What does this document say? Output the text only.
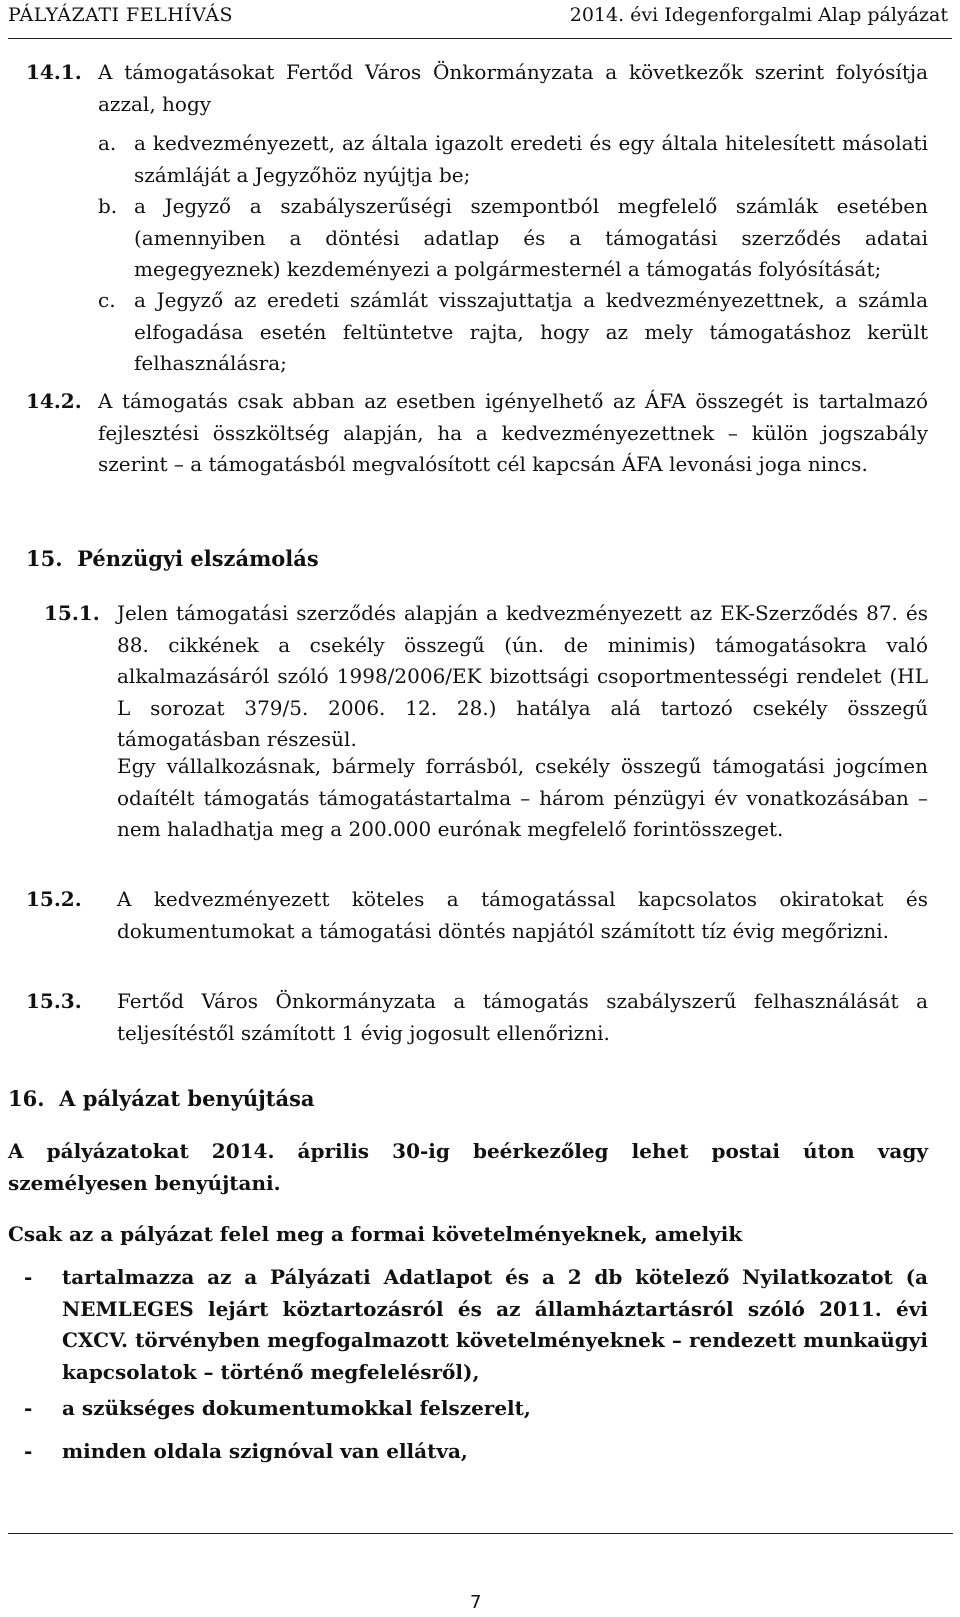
PÁLYÁZATI FELHÍVÁS	2014. évi Idegenforgalmi Alap pályázat
14.1. A támogatásokat Fertőd Város Önkormányzata a következők szerint folyósítja azzal, hogy
a. a kedvezményezett, az általa igazolt eredeti és egy általa hitelesített másolati számláját a Jegyzőhöz nyújtja be;
b. a Jegyző a szabályszerűségi szempontból megfelelő számlák esetében (amennyiben a döntési adatlap és a támogatási szerződés adatai megegyeznek) kezdeményezi a polgármesternél a támogatás folyósítását;
c. a Jegyző az eredeti számlát visszajuttatja a kedvezményezettnek, a számla elfogadása esetén feltüntetve rajta, hogy az mely támogatáshoz került felhasználásra;
14.2. A támogatás csak abban az esetben igényelhető az ÁFA összegét is tartalmazó fejlesztési összköltség alapján, ha a kedvezményezettnek – külön jogszabály szerint – a támogatásból megvalósított cél kapcsán ÁFA levonási joga nincs.
15.  Pénzügyi elszámolás
15.1. Jelen támogatási szerződés alapján a kedvezményezett az EK-Szerződés 87. és 88. cikkének a csekély összegű (ún. de minimis) támogatásokra való alkalmazásáról szóló 1998/2006/EK bizottsági csoportmentességi rendelet (HL L sorozat 379/5. 2006. 12. 28.) hatálya alá tartozó csekély összegű támogatásban részesül.
Egy vállalkozásnak, bármely forrásból, csekély összegű támogatási jogcímen odaítélt támogatás támogatástartalma – három pénzügyi év vonatkozásában – nem haladhatja meg a 200.000 eurónak megfelelő forintösszeget.
15.2. A kedvezményezett köteles a támogatással kapcsolatos okiratokat és dokumentumokat a támogatási döntés napjától számított tíz évig megőrizni.
15.3. Fertőd Város Önkormányzata a támogatás szabályszerű felhasználását a teljesítéstől számított 1 évig jogosult ellenőrizni.
16.  A pályázat benyújtása
A pályázatokat 2014. április 30-ig beérkezőleg lehet postai úton vagy személyesen benyújtani.
Csak az a pályázat felel meg a formai követelményeknek, amelyik
- tartalmazza az a Pályázati Adatlapot és a 2 db kötelező Nyilatkozatot (a NEMLEGES lejárt köztartozásról és az államháztartásról szóló 2011. évi CXCV. törvényben megfogalmazott követelményeknek – rendezett munkaügyi kapcsolatok – történő megfelelésről),
- a szükséges dokumentumokkal felszerelt,
- minden oldala szignóval van ellátva,
7
